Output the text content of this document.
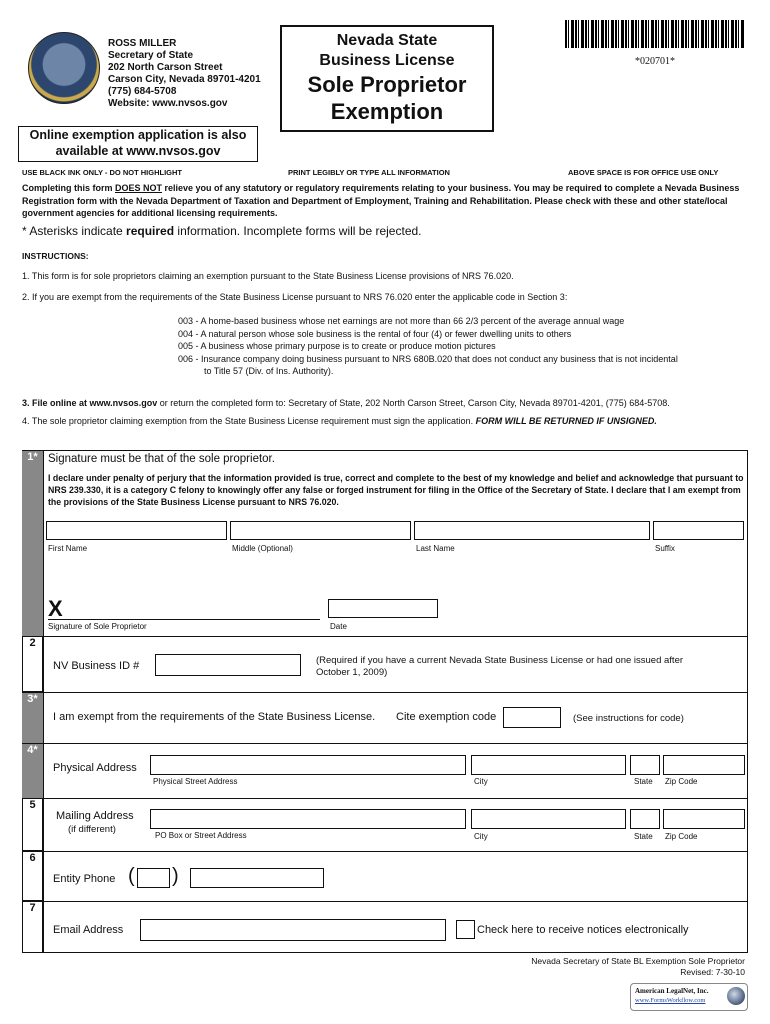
ROSS MILLER
Secretary of State
202 North Carson Street
Carson City, Nevada 89701-4201
(775) 684-5708
Website: www.nvsos.gov
Nevada State
Business License
Sole Proprietor
Exemption
*020701*
Online exemption application is also available at www.nvsos.gov
USE BLACK INK ONLY - DO NOT HIGHLIGHT	PRINT LEGIBLY OR TYPE ALL INFORMATION	ABOVE SPACE IS FOR OFFICE USE ONLY
Completing this form DOES NOT relieve you of any statutory or regulatory requirements relating to your business. You may be required to complete a Nevada Business Registration form with the Nevada Department of Taxation and Department of Employment, Training and Rehabilitation. Please check with these and other state/local government agencies for additional licensing requirements.
* Asterisks indicate required information. Incomplete forms will be rejected.
INSTRUCTIONS:
1. This form is for sole proprietors claiming an exemption pursuant to the State Business License provisions of NRS 76.020.
2. If you are exempt from the requirements of the State Business License pursuant to NRS 76.020 enter the applicable code in Section 3:
003 - A home-based business whose net earnings are not more than 66 2/3 percent of the average annual wage
004 - A natural person whose sole business is the rental of four (4) or fewer dwelling units to others
005 - A business whose primary purpose is to create or produce motion pictures
006 - Insurance company doing business pursuant to NRS 680B.020 that does not conduct any business that is not incidental
to Title 57 (Div. of Ins. Authority).
3. File online at www.nvsos.gov or return the completed form to: Secretary of State, 202 North Carson Street, Carson City, Nevada 89701-4201, (775) 684-5708.
4. The sole proprietor claiming exemption from the State Business License requirement must sign the application. FORM WILL BE RETURNED IF UNSIGNED.
1* Signature must be that of the sole proprietor.
I declare under penalty of perjury that the information provided is true, correct and complete to the best of my knowledge and belief and acknowledge that pursuant to NRS 239.330, it is a category C felony to knowingly offer any false or forged instrument for filing in the Office of the Secretary of State. I declare that I am exempt from the provisions of the State Business License pursuant to NRS 76.020.
First Name	Middle (Optional)	Last Name	Suffix
X
Signature of Sole Proprietor	Date
2
NV Business ID #	(Required if you have a current Nevada State Business License or had one issued after October 1, 2009)
3*
I am exempt from the requirements of the State Business License. Cite exemption code	(See instructions for code)
4*
Physical Address
Physical Street Address	City	State Zip Code
5
Mailing Address
(if different)
PO Box or Street Address	City	State Zip Code
6
Entity Phone ( )
7
Email Address	Check here to receive notices electronically
Nevada Secretary of State BL Exemption Sole Proprietor
Revised: 7-30-10
American LegalNet, Inc.
www.FormsWorkflow.com
